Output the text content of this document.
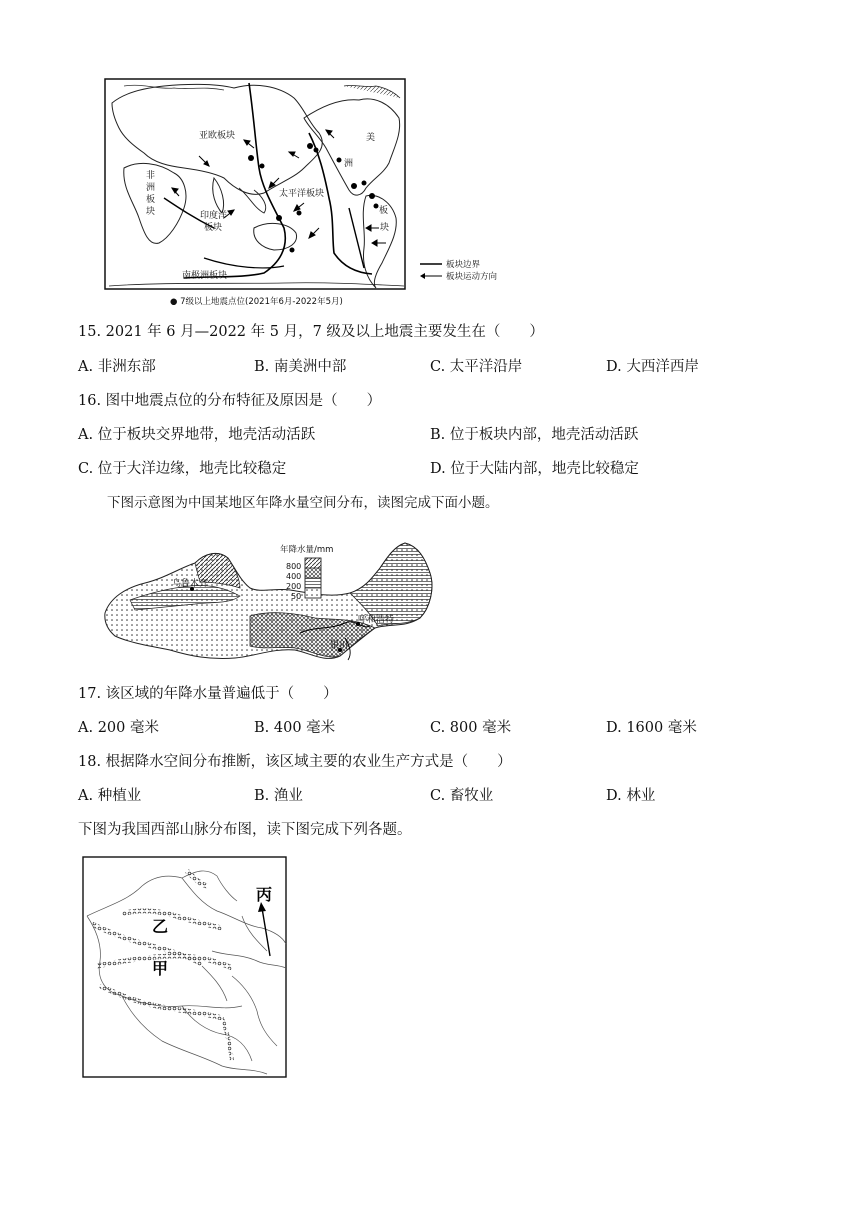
亚欧板块
非
洲
板
块	印度洋
板块
太平洋板块
南极洲板块
美
洲
板
块
板块边界
板块运动方向
● 7级以上地震点位(2021年6月-2022年5月)
15. 2021 年 6 月—2022 年 5 月，7 级及以上地震主要发生在（　　）
A. 非洲东部	B. 南美洲中部	C. 太平洋沿岸	D. 大西洋西岸
16. 图中地震点位的分布特征及原因是（　　）
A. 位于板块交界地带，地壳活动活跃	B. 位于板块内部，地壳活动活跃
C. 位于大洋边缘，地壳比较稳定	D. 位于大陆内部，地壳比较稳定
下图示意图为中国某地区年降水量空间分布，读图完成下面小题。
乌鲁木齐
呼和浩特
银川
年降水量/mm
800
400
200
50
17. 该区域的年降水量普遍低于（　　）
A. 200 毫米	B. 400 毫米	C. 800 毫米	D. 1600 毫米
18. 根据降水空间分布推断，该区域主要的农业生产方式是（　　）
A. 种植业	B. 渔业	C. 畜牧业	D. 林业
下图为我国西部山脉分布图，读下图完成下列各题。
丙
乙
甲
